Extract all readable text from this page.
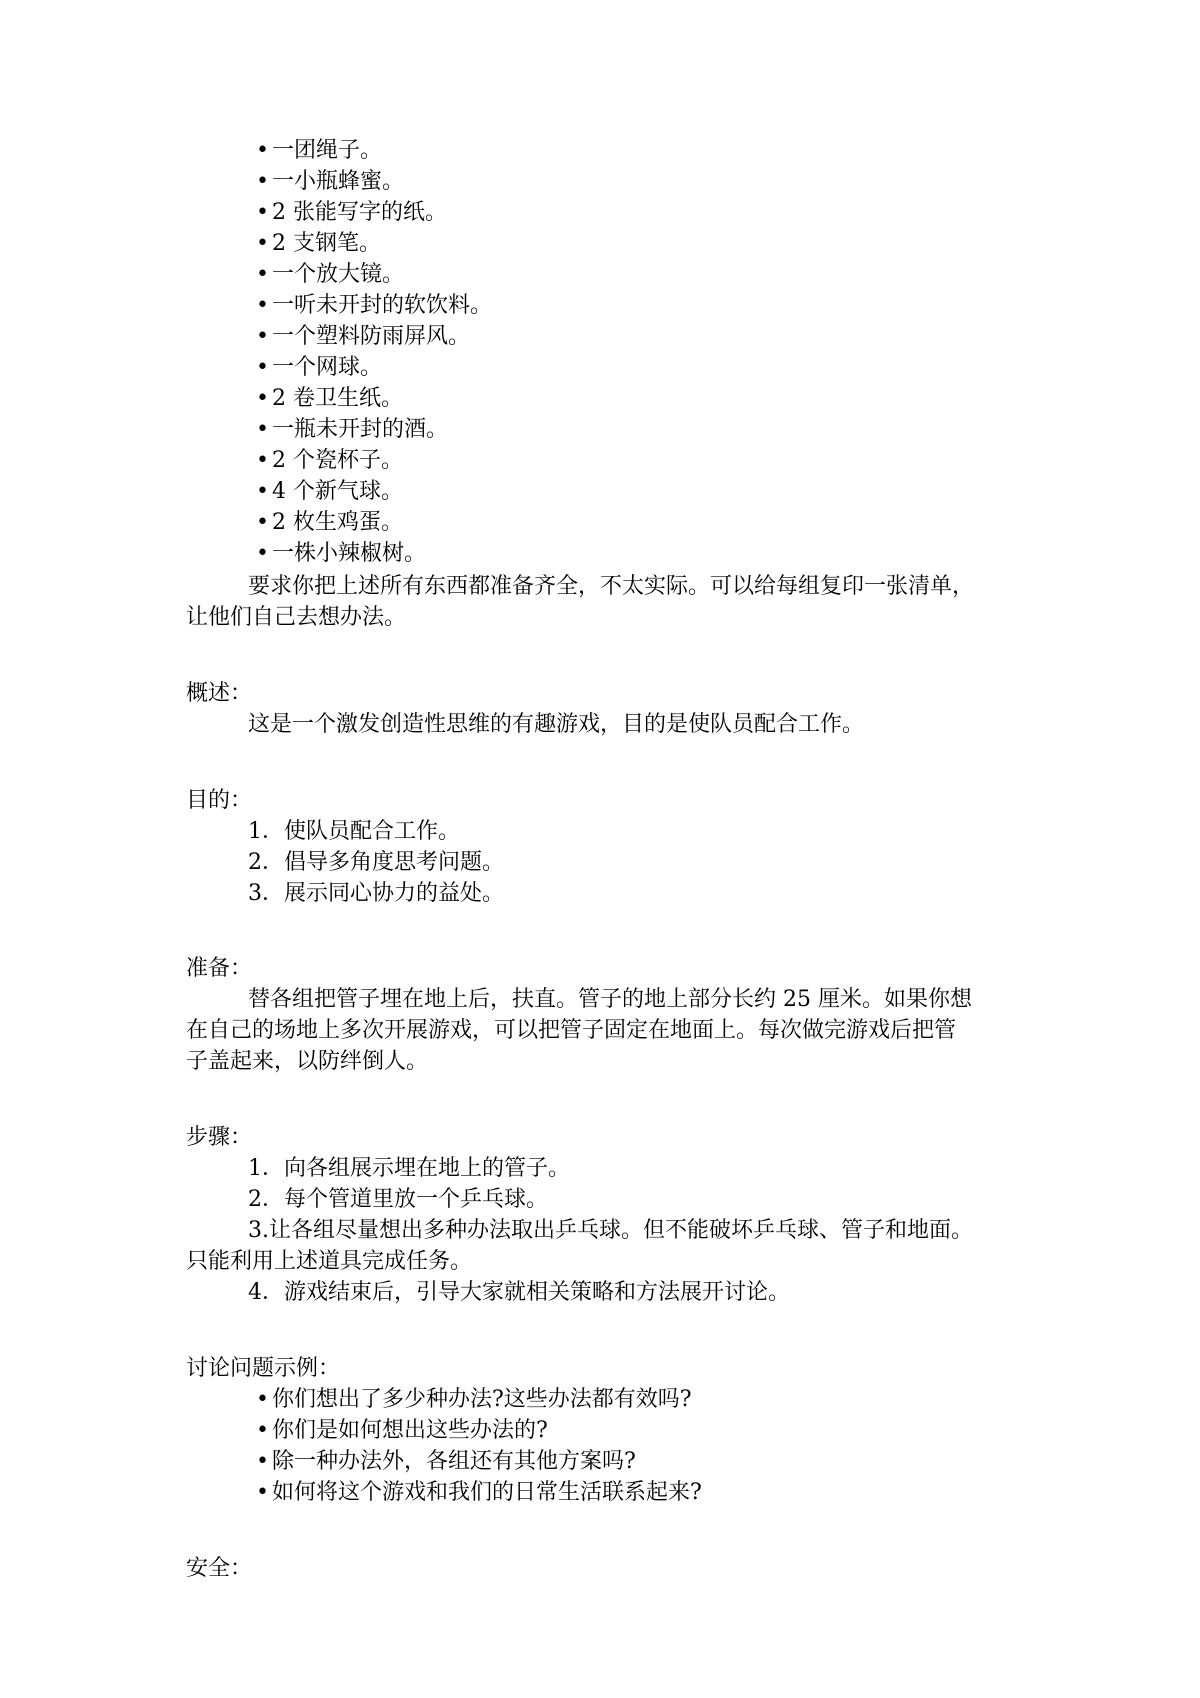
• 一团绳子。
• 一小瓶蜂蜜。
• 2 张能写字的纸。
• 2 支钢笔。
• 一个放大镜。
• 一听未开封的软饮料。
• 一个塑料防雨屏风。
• 一个网球。
• 2 卷卫生纸。
• 一瓶未开封的酒。
• 2 个瓷杯子。
• 4 个新气球。
• 2 枚生鸡蛋。
• 一株小辣椒树。
要求你把上述所有东西都准备齐全，不太实际。可以给每组复印一张清单，
让他们自己去想办法。
概述：
这是一个激发创造性思维的有趣游戏，目的是使队员配合工作。
目的：
1．使队员配合工作。
2．倡导多角度思考问题。
3．展示同心协力的益处。
准备：
替各组把管子埋在地上后，扶直。管子的地上部分长约 25 厘米。如果你想
在自己的场地上多次开展游戏，可以把管子固定在地面上。每次做完游戏后把管
子盖起来，以防绊倒人。
步骤：
1．向各组展示埋在地上的管子。
2．每个管道里放一个乒乓球。
3.让各组尽量想出多种办法取出乒乓球。但不能破坏乒乓球、管子和地面。
只能利用上述道具完成任务。
4．游戏结束后，引导大家就相关策略和方法展开讨论。
讨论问题示例：
• 你们想出了多少种办法?这些办法都有效吗?
• 你们是如何想出这些办法的?
• 除一种办法外，各组还有其他方案吗?
• 如何将这个游戏和我们的日常生活联系起来?
安全：
